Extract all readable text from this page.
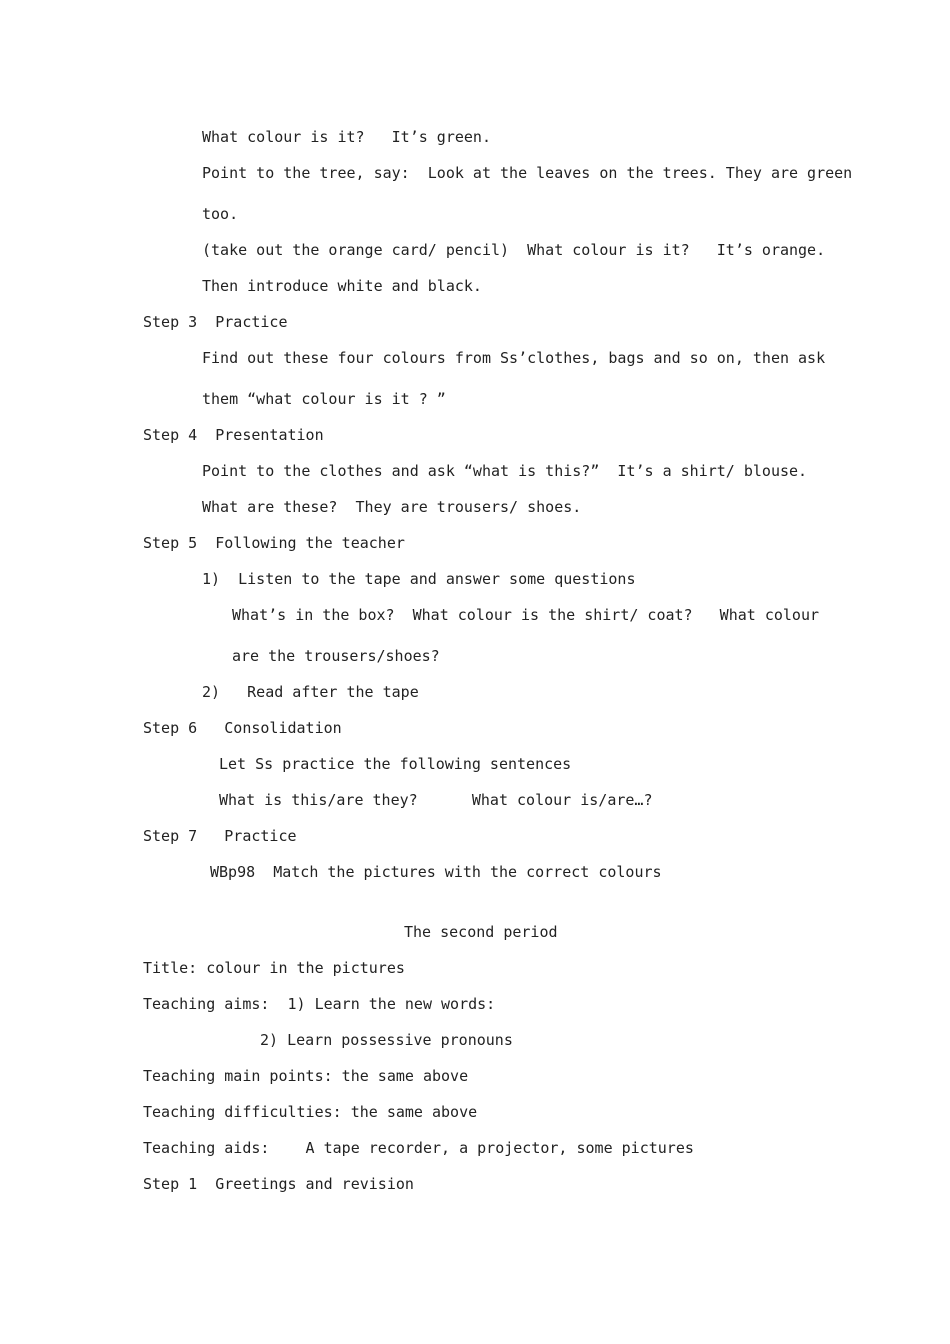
What colour is it?   It’s green.
Point to the tree, say:  Look at the leaves on the trees. They are green
too.
(take out the orange card/ pencil)  What colour is it?   It’s orange.
Then introduce white and black.
Step 3  Practice
Find out these four colours from Ss’clothes, bags and so on, then ask
them “what colour is it ? ”
Step 4  Presentation
Point to the clothes and ask “what is this?”  It’s a shirt/ blouse.
What are these?  They are trousers/ shoes.
Step 5  Following the teacher
1)  Listen to the tape and answer some questions
What’s in the box?  What colour is the shirt/ coat?   What colour
are the trousers/shoes?
2)   Read after the tape
Step 6   Consolidation
Let Ss practice the following sentences
What is this/are they?      What colour is/are…?
Step 7   Practice
WBp98  Match the pictures with the correct colours
The second period
Title: colour in the pictures
Teaching aims:  1) Learn the new words:
2) Learn possessive pronouns
Teaching main points: the same above
Teaching difficulties: the same above
Teaching aids:    A tape recorder, a projector, some pictures
Step 1  Greetings and revision
